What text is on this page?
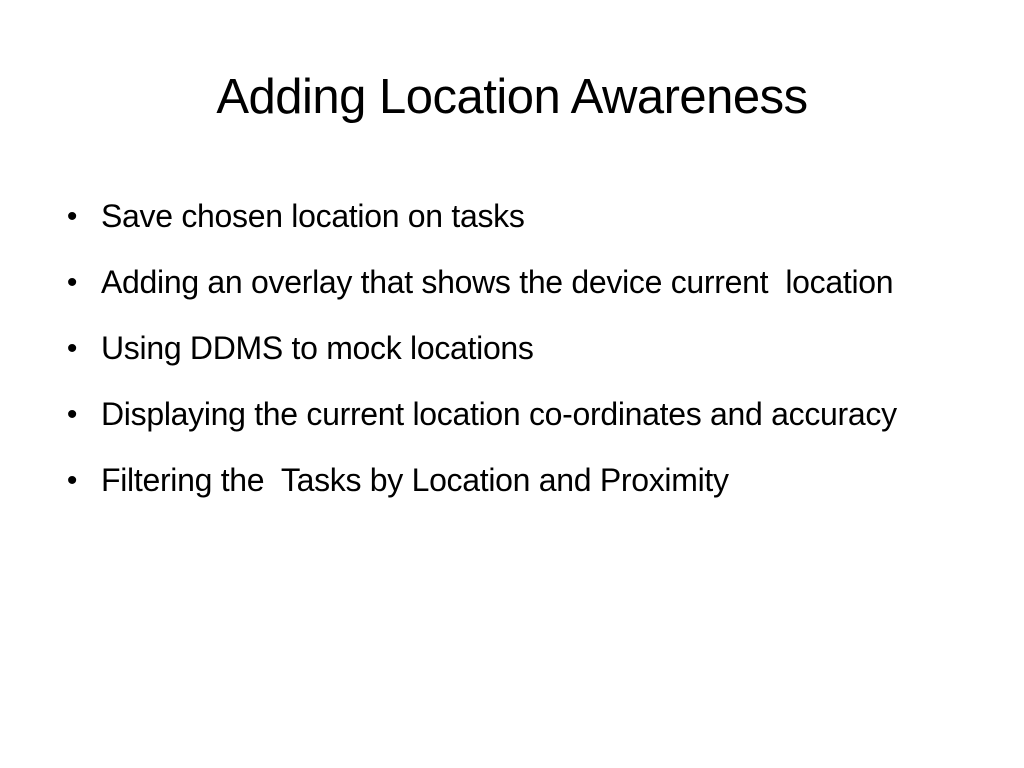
Adding Location Awareness
• Save chosen location on tasks
• Adding an overlay that shows the device current  location
• Using DDMS to mock locations
• Displaying the current location co-ordinates and accuracy
• Filtering the  Tasks by Location and Proximity
